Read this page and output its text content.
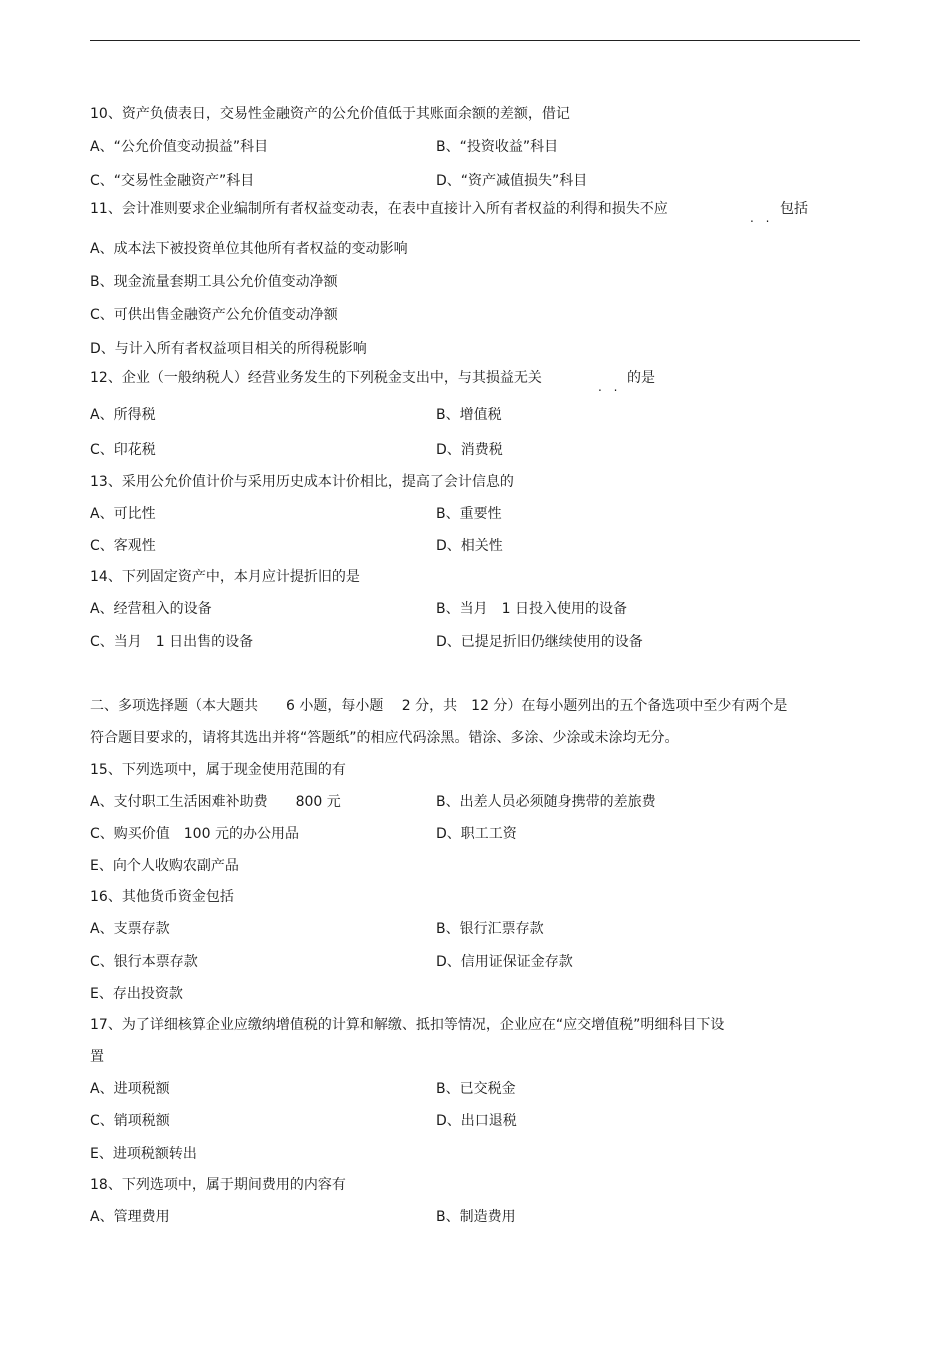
10、资产负债表日，交易性金融资产的公允价值低于其账面余额的差额，借记
A、“公允价值变动损益”科目	B、“投资收益”科目
C、“交易性金融资产”科目	D、“资产减值损失”科目
11、会计准则要求企业编制所有者权益变动表，在表中直接计入所有者权益的利得和损失不应
. .
包括
A、成本法下被投资单位其他所有者权益的变动影响
B、现金流量套期工具公允价值变动净额
C、可供出售金融资产公允价值变动净额
D、与计入所有者权益项目相关的所得税影响
12、企业（一般纳税人）经营业务发生的下列税金支出中，与其损益无关
. .
的是
A、所得税	B、增值税
C、印花税	D、消费税
13、采用公允价值计价与采用历史成本计价相比，提高了会计信息的
A、可比性	B、重要性
C、客观性	D、相关性
14、下列固定资产中，本月应计提折旧的是
A、经营租入的设备	B、当月　1 日投入使用的设备
C、当月　1 日出售的设备	D、已提足折旧仍继续使用的设备
二、多项选择题（本大题共　　6 小题，每小题　 2 分，共　12 分）在每小题列出的五个备选项中至少有两个是
符合题目要求的，请将其选出并将“答题纸”的相应代码涂黑。错涂、多涂、少涂或未涂均无分。
15、下列选项中，属于现金使用范围的有
A、支付职工生活困难补助费　　800 元	B、出差人员必须随身携带的差旅费
C、购买价值　100 元的办公用品	D、职工工资
E、向个人收购农副产品
16、其他货币资金包括
A、支票存款	B、银行汇票存款
C、银行本票存款	D、信用证保证金存款
E、存出投资款
17、为了详细核算企业应缴纳增值税的计算和解缴、抵扣等情况，企业应在“应交增值税”明细科目下设
置
A、进项税额	B、已交税金
C、销项税额	D、出口退税
E、进项税额转出
18、下列选项中，属于期间费用的内容有
A、管理费用	B、制造费用
